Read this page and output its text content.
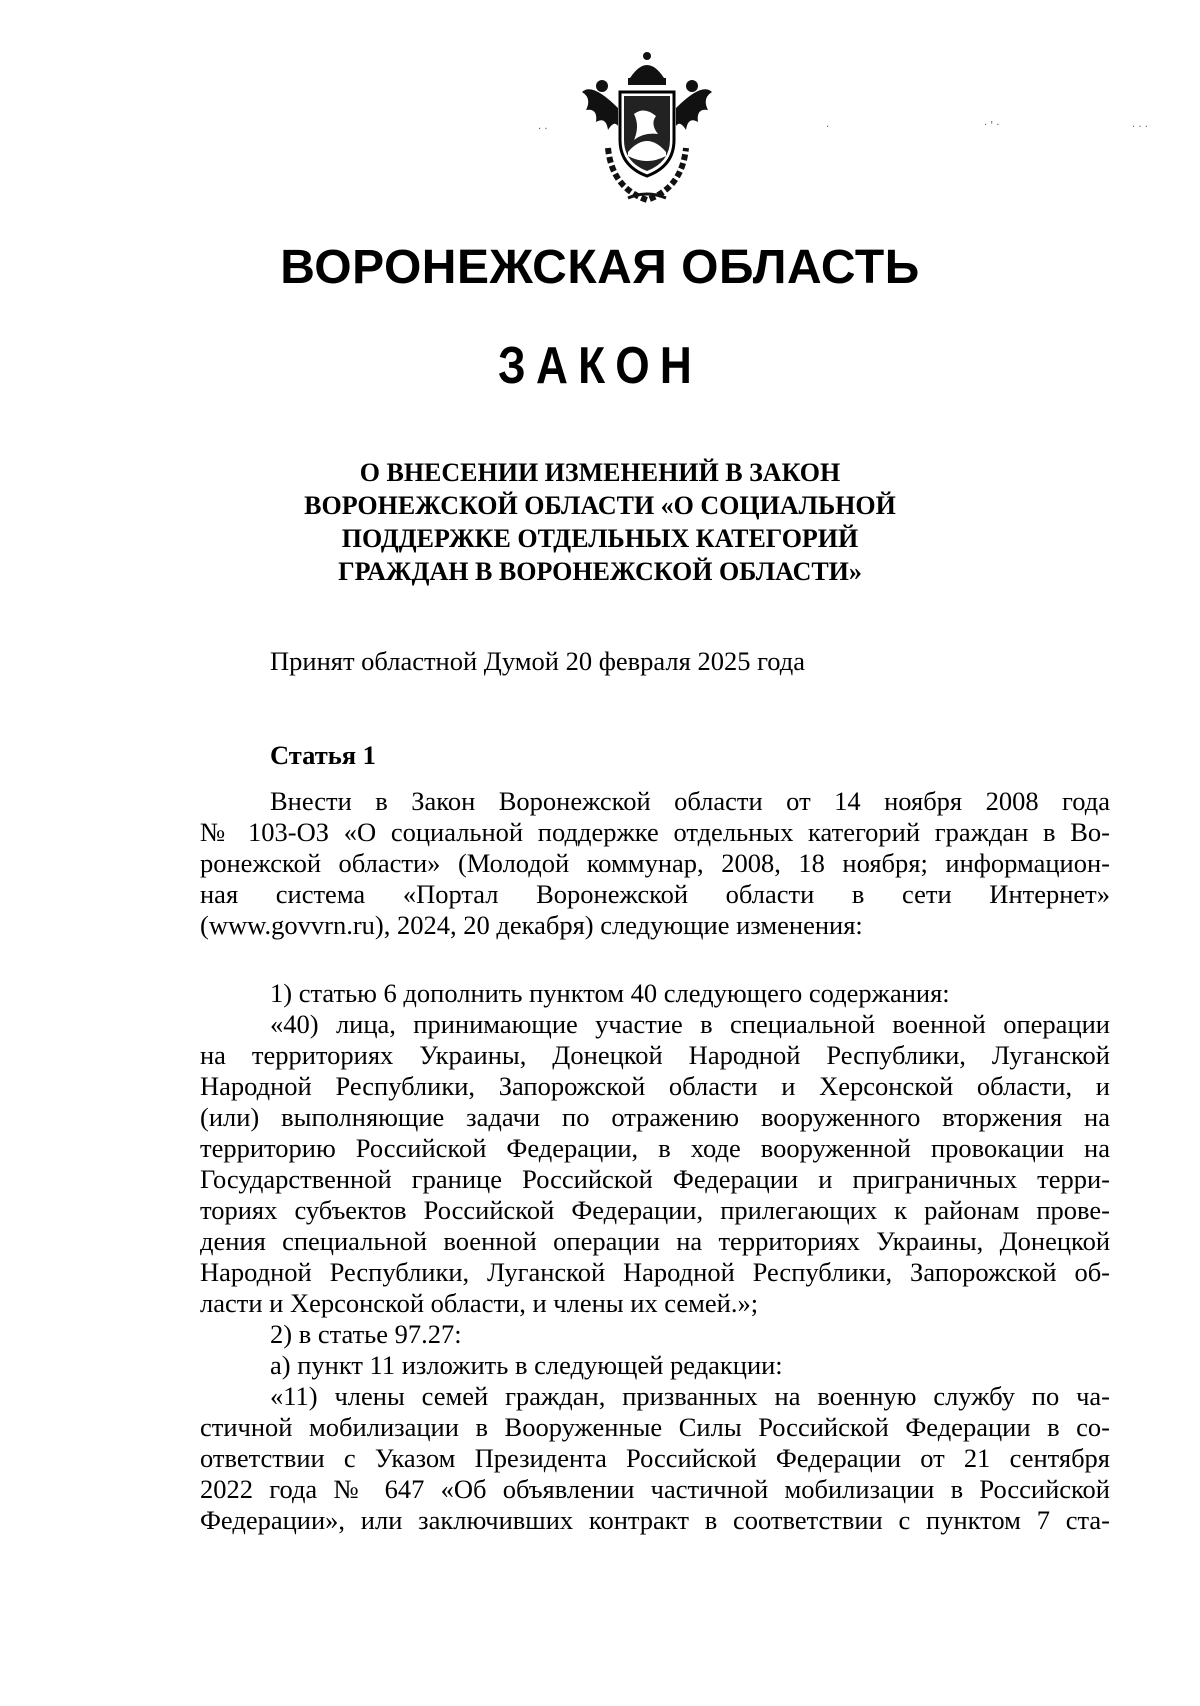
· ·	·	· ' ·	· · ·
ВОРОНЕЖСКАЯ ОБЛАСТЬ
ЗАКОН
О ВНЕСЕНИИ ИЗМЕНЕНИЙ В ЗАКОН
ВОРОНЕЖСКОЙ ОБЛАСТИ «О СОЦИАЛЬНОЙ
ПОДДЕРЖКЕ ОТДЕЛЬНЫХ КАТЕГОРИЙ
ГРАЖДАН В ВОРОНЕЖСКОЙ ОБЛАСТИ»
Принят областной Думой 20 февраля 2025 года
Статья 1
Внести в Закон Воронежской области от 14 ноября 2008 года
№ 103-ОЗ «О социальной поддержке отдельных категорий граждан в Во-
ронежской области» (Молодой коммунар, 2008, 18 ноября; информацион-
ная система «Портал Воронежской области в сети Интернет»
(www.govvrn.ru), 2024, 20 декабря) следующие изменения:
1) статью 6 дополнить пунктом 40 следующего содержания:
«40) лица, принимающие участие в специальной военной операции
на территориях Украины, Донецкой Народной Республики, Луганской
Народной Республики, Запорожской области и Херсонской области, и
(или) выполняющие задачи по отражению вооруженного вторжения на
территорию Российской Федерации, в ходе вооруженной провокации на
Государственной границе Российской Федерации и приграничных терри-
ториях субъектов Российской Федерации, прилегающих к районам прове-
дения специальной военной операции на территориях Украины, Донецкой
Народной Республики, Луганской Народной Республики, Запорожской об-
ласти и Херсонской области, и члены их семей.»;
2) в статье 97.27:
а) пункт 11 изложить в следующей редакции:
«11) члены семей граждан, призванных на военную службу по ча-
стичной мобилизации в Вооруженные Силы Российской Федерации в со-
ответствии с Указом Президента Российской Федерации от 21 сентября
2022 года № 647 «Об объявлении частичной мобилизации в Российской
Федерации», или заключивших контракт в соответствии с пунктом 7 ста-
